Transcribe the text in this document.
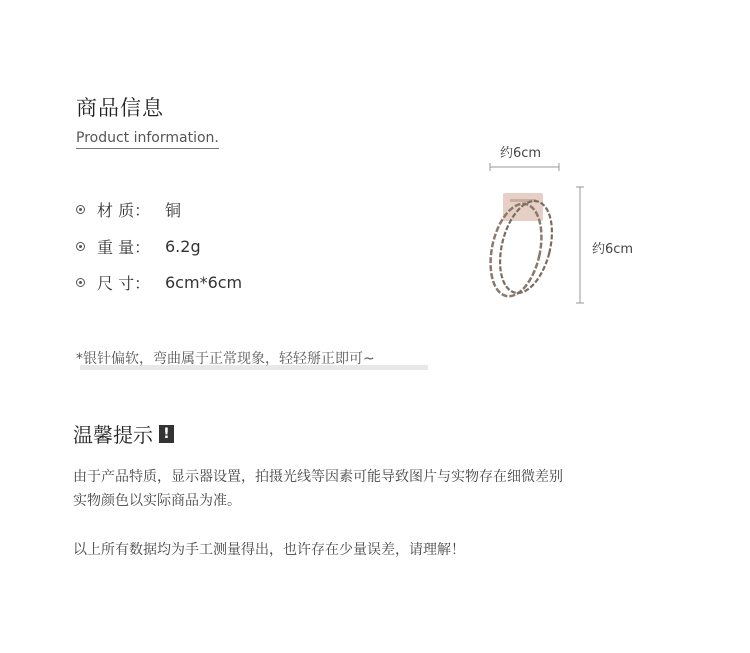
商品信息
Product information.
材 质： 铜
重 量： 6.2g
尺 寸： 6cm*6cm
约6cm
约6cm
*银针偏软，弯曲属于正常现象，轻轻掰正即可~
温馨提示 !
由于产品特质，显示器设置，拍摄光线等因素可能导致图片与实物存在细微差别
实物颜色以实际商品为准。
以上所有数据均为手工测量得出，也许存在少量误差，请理解！
